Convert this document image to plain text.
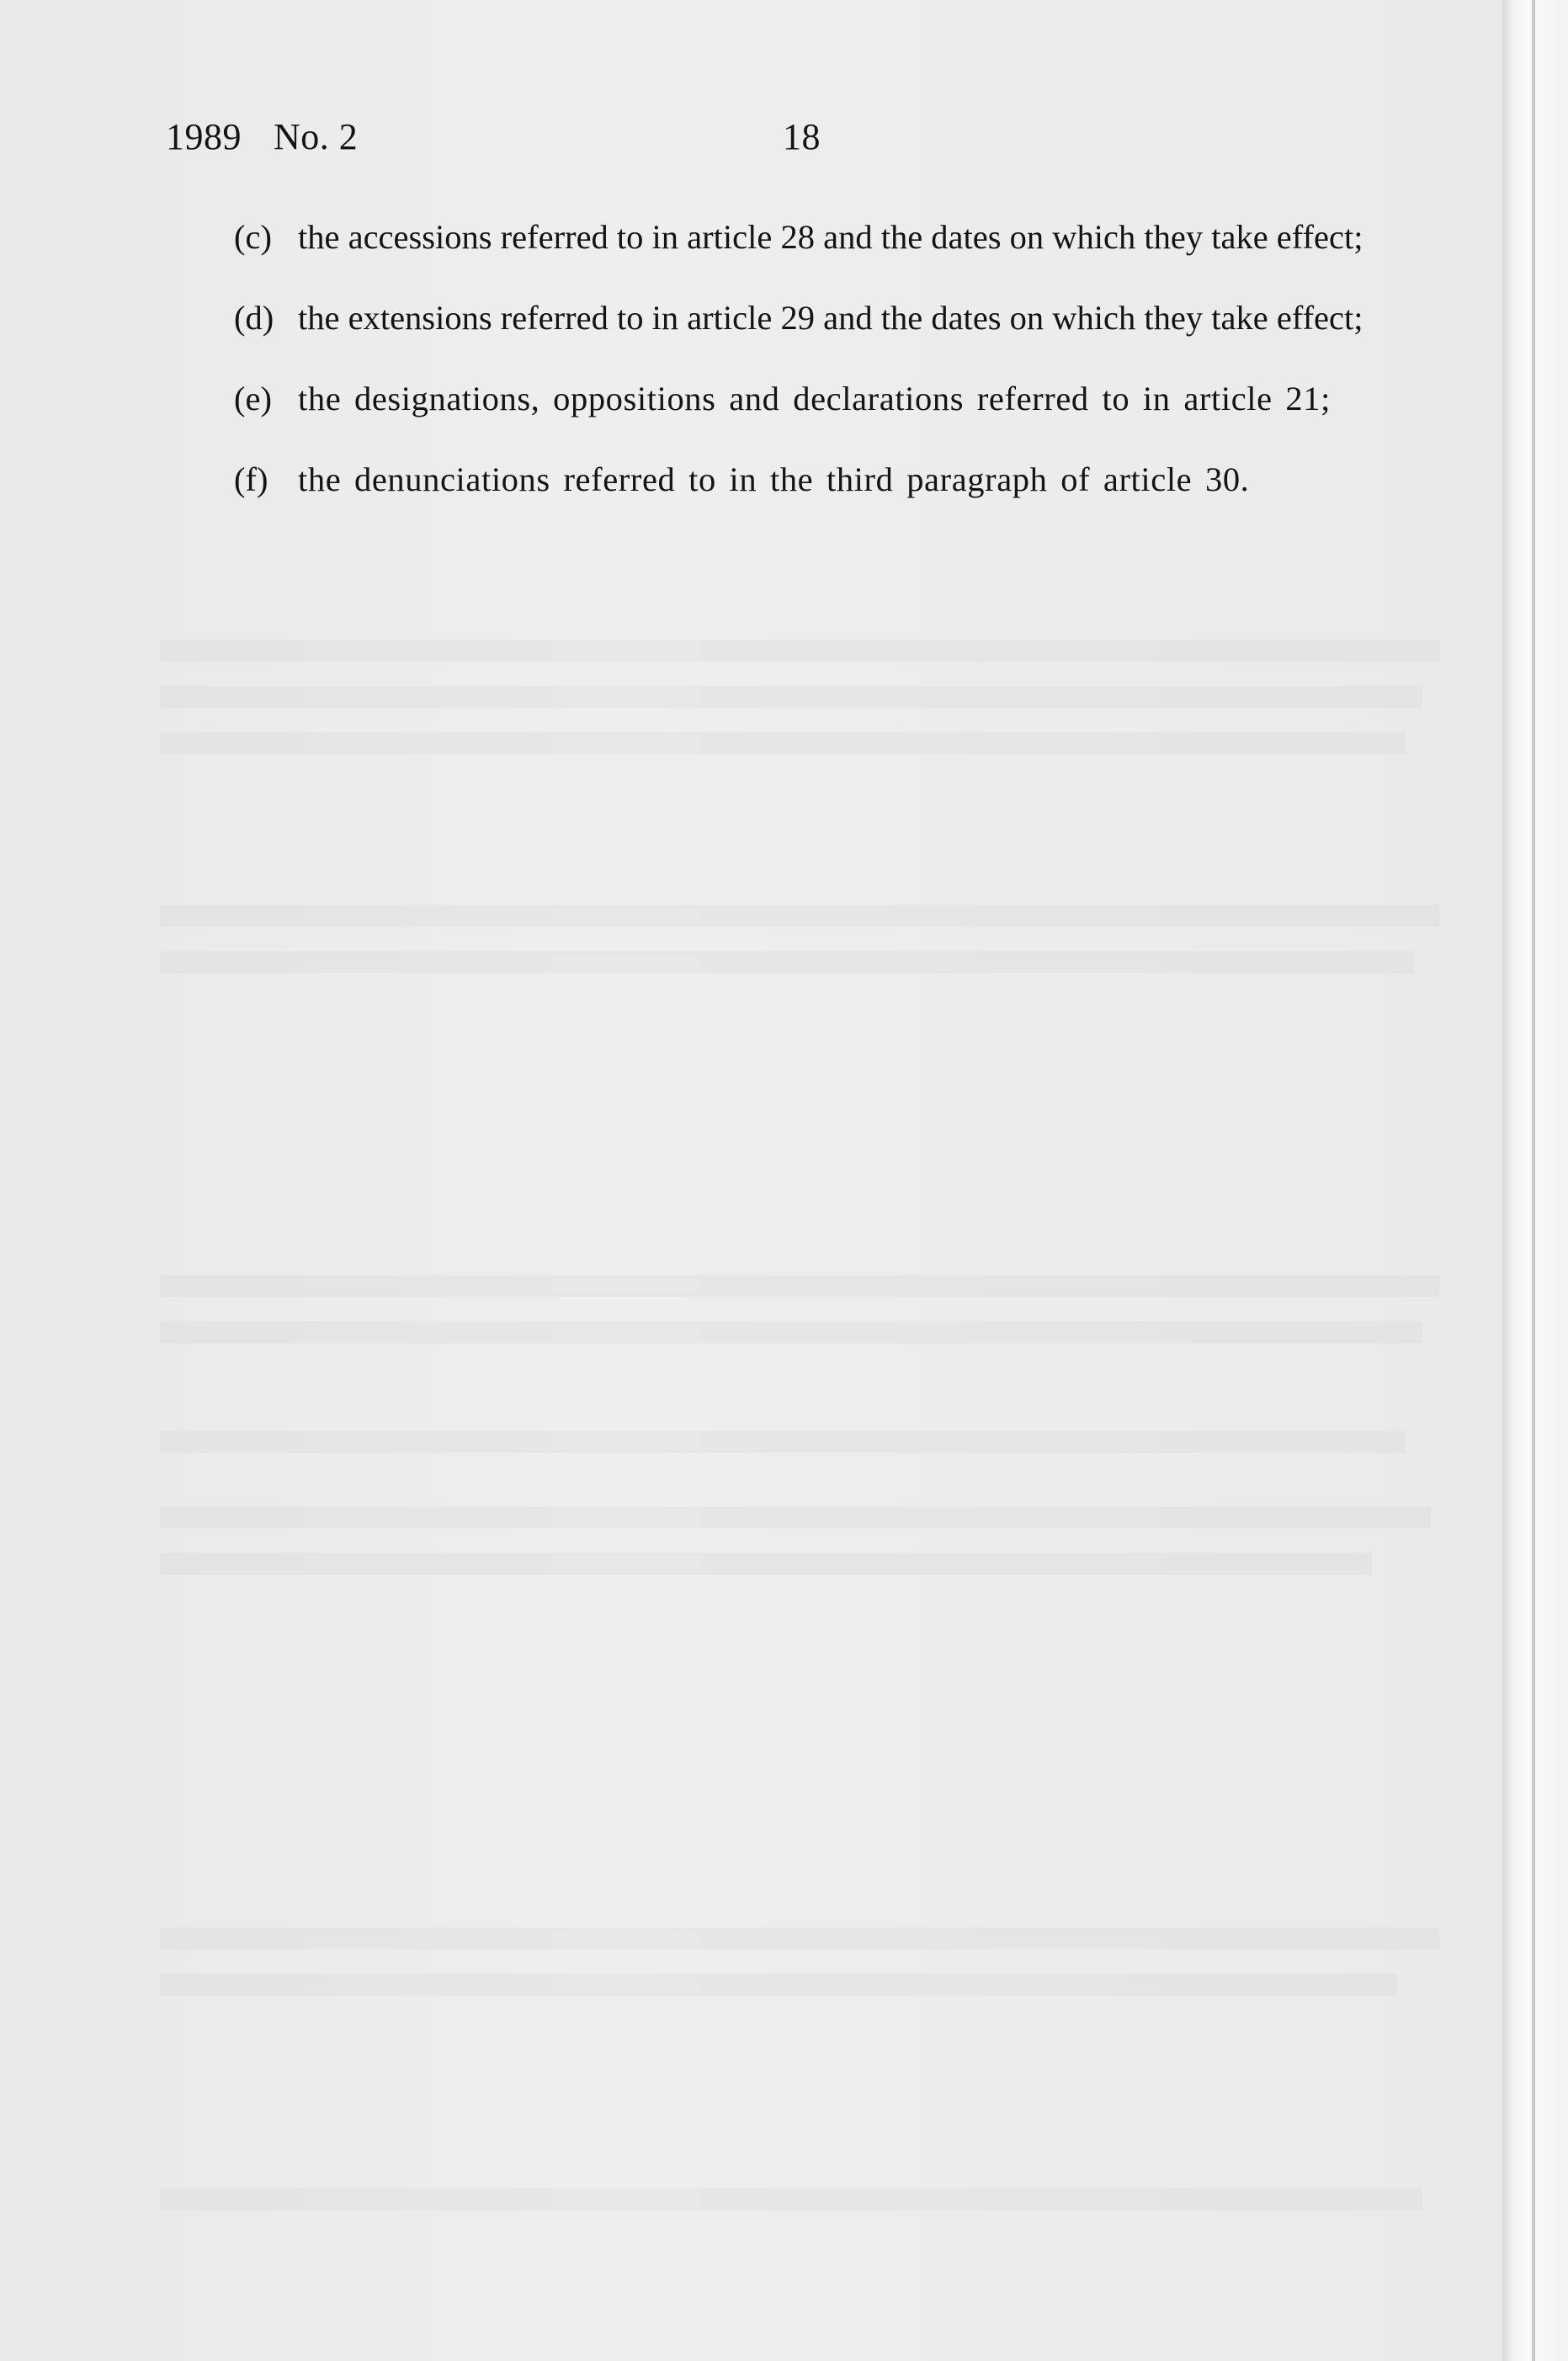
1989 No. 2	18
(c) the accessions referred to in article 28 and the dates on which they take effect;
(d) the extensions referred to in article 29 and the dates on which they take effect;
(e) the designations, oppositions and declarations referred to in article 21;
(f) the denunciations referred to in the third paragraph of article 30.
